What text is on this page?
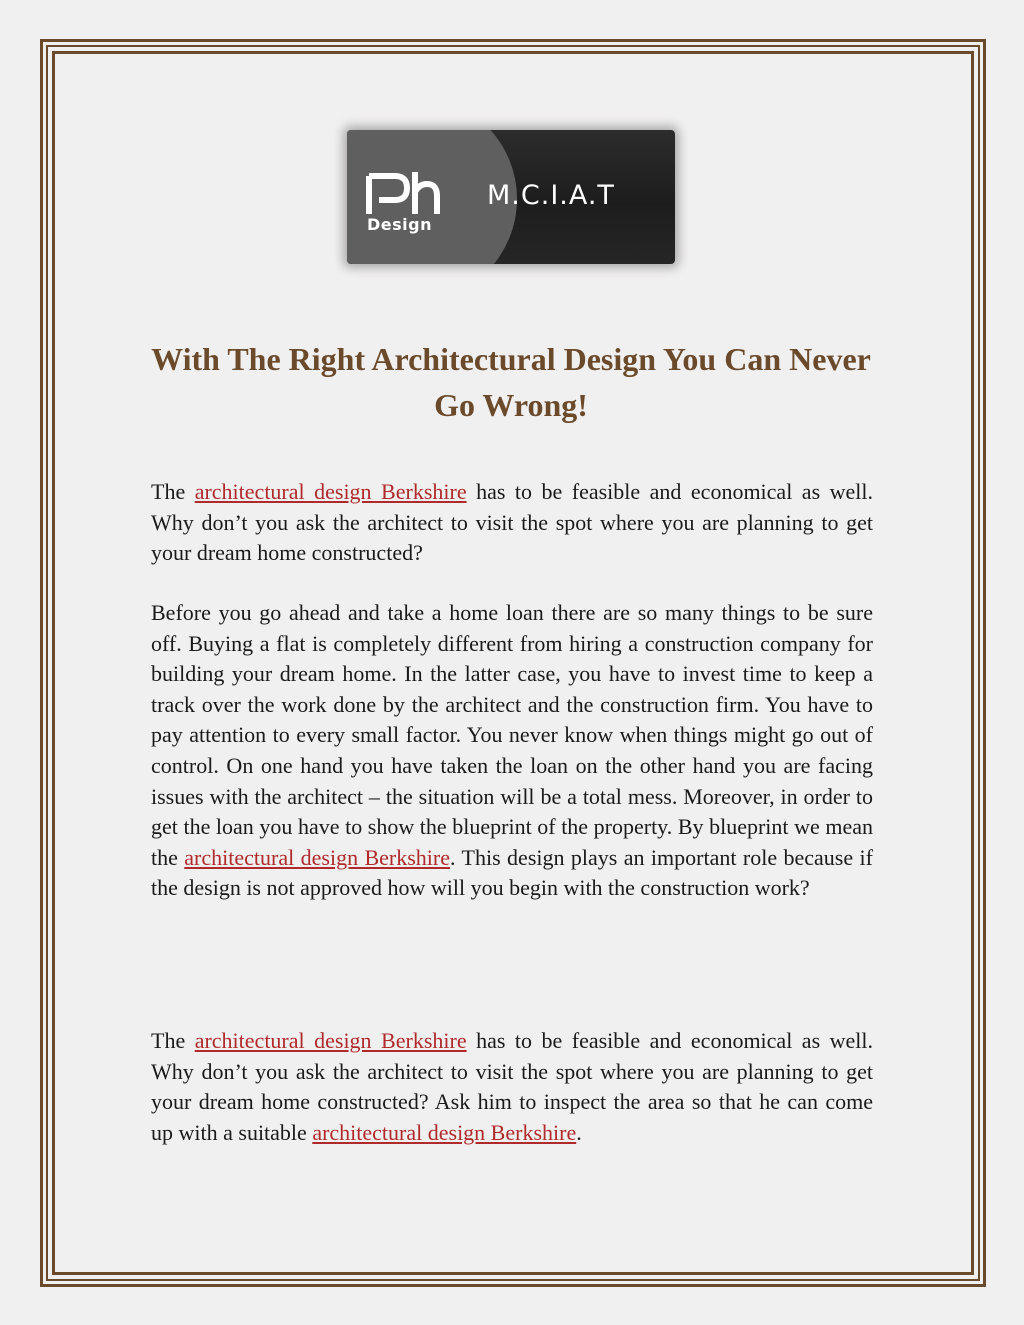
Design
M.C.I.A.T
With The Right Architectural Design You Can Never Go Wrong!

The architectural design Berkshire has to be feasible and economical as well. Why don’t you ask the architect to visit the spot where you are planning to get your dream home constructed?

Before you go ahead and take a home loan there are so many things to be sure off. Buying a flat is completely different from hiring a construction company for building your dream home. In the latter case, you have to invest time to keep a track over the work done by the architect and the construction firm. You have to pay attention to every small factor. You never know when things might go out of control. On one hand you have taken the loan on the other hand you are facing issues with the architect – the situation will be a total mess. Moreover, in order to get the loan you have to show the blueprint of the property. By blueprint we mean the architectural design Berkshire. This design plays an important role because if the design is not approved how will you begin with the construction work?

The architectural design Berkshire has to be feasible and economical as well. Why don’t you ask the architect to visit the spot where you are planning to get your dream home constructed? Ask him to inspect the area so that he can come up with a suitable architectural design Berkshire.
